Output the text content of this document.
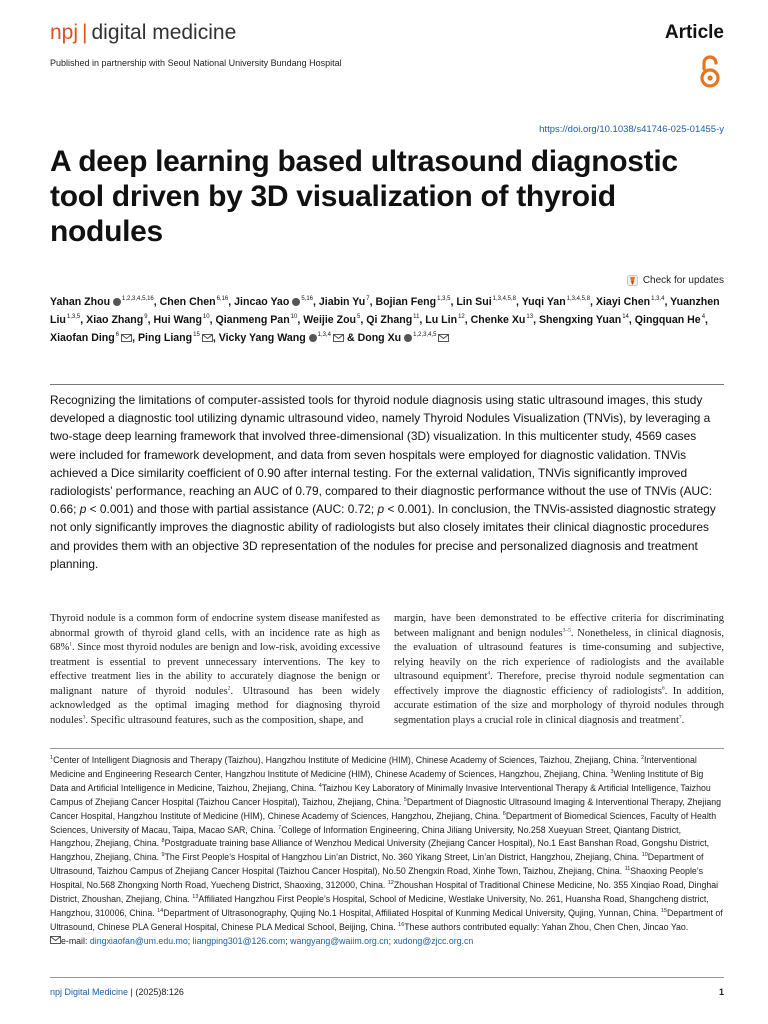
npj | digital medicine	Article
Published in partnership with Seoul National University Bundang Hospital
https://doi.org/10.1038/s41746-025-01455-y
A deep learning based ultrasound diagnostic tool driven by 3D visualization of thyroid nodules
Check for updates
Yahan Zhou $^{1,2,3,4,5,16}$, Chen Chen$^{6,16}$, Jincao Yao $^{5,16}$, Jiabin Yu$^7$, Bojian Feng$^{1,3,5}$, Lin Sui$^{1,3,4,5,8}$, Yuqi Yan$^{1,3,4,5,8}$, Xiayi Chen$^{1,3,4}$, Yuanzhen Liu$^{1,3,5}$, Xiao Zhang$^9$, Hui Wang$^{10}$, Qianmeng Pan$^{10}$, Weijie Zou$^5$, Qi Zhang$^{11}$, Lu Lin$^{12}$, Chenke Xu$^{13}$, Shengxing Yuan$^{14}$, Qingquan He$^4$, Xiaofan Ding$^6$ , Ping Liang$^{15}$ , Vicky Yang Wang $^{1,3,4}$ & Dong Xu $^{1,2,3,4,5}$

Recognizing the limitations of computer-assisted tools for thyroid nodule diagnosis using static ultrasound images, this study developed a diagnostic tool utilizing dynamic ultrasound video, namely Thyroid Nodules Visualization (TNVis), by leveraging a two-stage deep learning framework that involved three-dimensional (3D) visualization. In this multicenter study, 4569 cases were included for framework development, and data from seven hospitals were employed for diagnostic validation. TNVis achieved a Dice similarity coefficient of 0.90 after internal testing. For the external validation, TNVis significantly improved radiologists’ performance, reaching an AUC of 0.79, compared to their diagnostic performance without the use of TNVis (AUC: 0.66; p < 0.001) and those with partial assistance (AUC: 0.72; p < 0.001). In conclusion, the TNVis-assisted diagnostic strategy not only significantly improves the diagnostic ability of radiologists but also closely imitates their clinical diagnostic procedures and provides them with an objective 3D representation of the nodules for precise and personalized diagnosis and treatment planning.

Thyroid nodule is a common form of endocrine system disease manifested as abnormal growth of thyroid gland cells, with an incidence rate as high as 68%$^1$. Since most thyroid nodules are benign and low-risk, avoiding excessive treatment is essential to prevent unnecessary interventions. The key to effective treatment lies in the ability to accurately diagnose the benign or malignant nature of thyroid nodules$^2$. Ultrasound has been widely acknowledged as the optimal imaging method for diagnosing thyroid nodules$^3$. Specific ultrasound features, such as the composition, shape, and

margin, have been demonstrated to be effective criteria for discriminating between malignant and benign nodules$^{3-5}$. Nonetheless, in clinical diagnosis, the evaluation of ultrasound features is time-consuming and subjective, relying heavily on the rich experience of radiologists and the available ultrasound equipment$^4$. Therefore, precise thyroid nodule segmentation can effectively improve the diagnostic efficiency of radiologists$^6$. In addition, accurate estimation of the size and morphology of thyroid nodules through segmentation plays a crucial role in clinical diagnosis and treatment$^7$.

$^1$Center of Intelligent Diagnosis and Therapy (Taizhou), Hangzhou Institute of Medicine (HIM), Chinese Academy of Sciences, Taizhou, Zhejiang, China. $^2$Interventional Medicine and Engineering Research Center, Hangzhou Institute of Medicine (HIM), Chinese Academy of Sciences, Hangzhou, Zhejiang, China. $^3$Wenling Institute of Big Data and Artificial Intelligence in Medicine, Taizhou, Zhejiang, China. $^4$Taizhou Key Laboratory of Minimally Invasive Interventional Therapy & Artificial Intelligence, Taizhou Campus of Zhejiang Cancer Hospital (Taizhou Cancer Hospital), Taizhou, Zhejiang, China. $^5$Department of Diagnostic Ultrasound Imaging & Interventional Therapy, Zhejiang Cancer Hospital, Hangzhou Institute of Medicine (HIM), Chinese Academy of Sciences, Hangzhou, Zhejiang, China. $^6$Department of Biomedical Sciences, Faculty of Health Sciences, University of Macau, Taipa, Macao SAR, China. $^7$College of Information Engineering, China Jiliang University, No.258 Xueyuan Street, Qiantang District, Hangzhou, Zhejiang, China. $^8$Postgraduate training base Alliance of Wenzhou Medical University (Zhejiang Cancer Hospital), No.1 East Banshan Road, Gongshu District, Hangzhou, Zhejiang, China. $^9$The First People’s Hospital of Hangzhou Lin’an District, No. 360 Yikang Street, Lin’an District, Hangzhou, Zhejiang, China. $^{10}$Department of Ultrasound, Taizhou Campus of Zhejiang Cancer Hospital (Taizhou Cancer Hospital), No.50 Zhengxin Road, Xinhe Town, Taizhou, Zhejiang, China. $^{11}$Shaoxing People’s Hospital, No.568 Zhongxing North Road, Yuecheng District, Shaoxing, 312000, China. $^{12}$Zhoushan Hospital of Traditional Chinese Medicine, No. 355 Xinqiao Road, Dinghai District, Zhoushan, Zhejiang, China. $^{13}$Affiliated Hangzhou First People’s Hospital, School of Medicine, Westlake University, No. 261, Huansha Road, Shangcheng district, Hangzhou, 310006, China. $^{14}$Department of Ultrasonography, Qujing No.1 Hospital, Affiliated Hospital of Kunming Medical University, Qujing, Yunnan, China. $^{15}$Department of Ultrasound, Chinese PLA General Hospital, Chinese PLA Medical School, Beijing, China. $^{16}$These authors contributed equally: Yahan Zhou, Chen Chen, Jincao Yao.
e-mail: dingxiaofan@um.edu.mo; liangping301@126.com; wangyang@waiim.org.cn; xudong@zjcc.org.cn
npj Digital Medicine | (2025)8:126	1
